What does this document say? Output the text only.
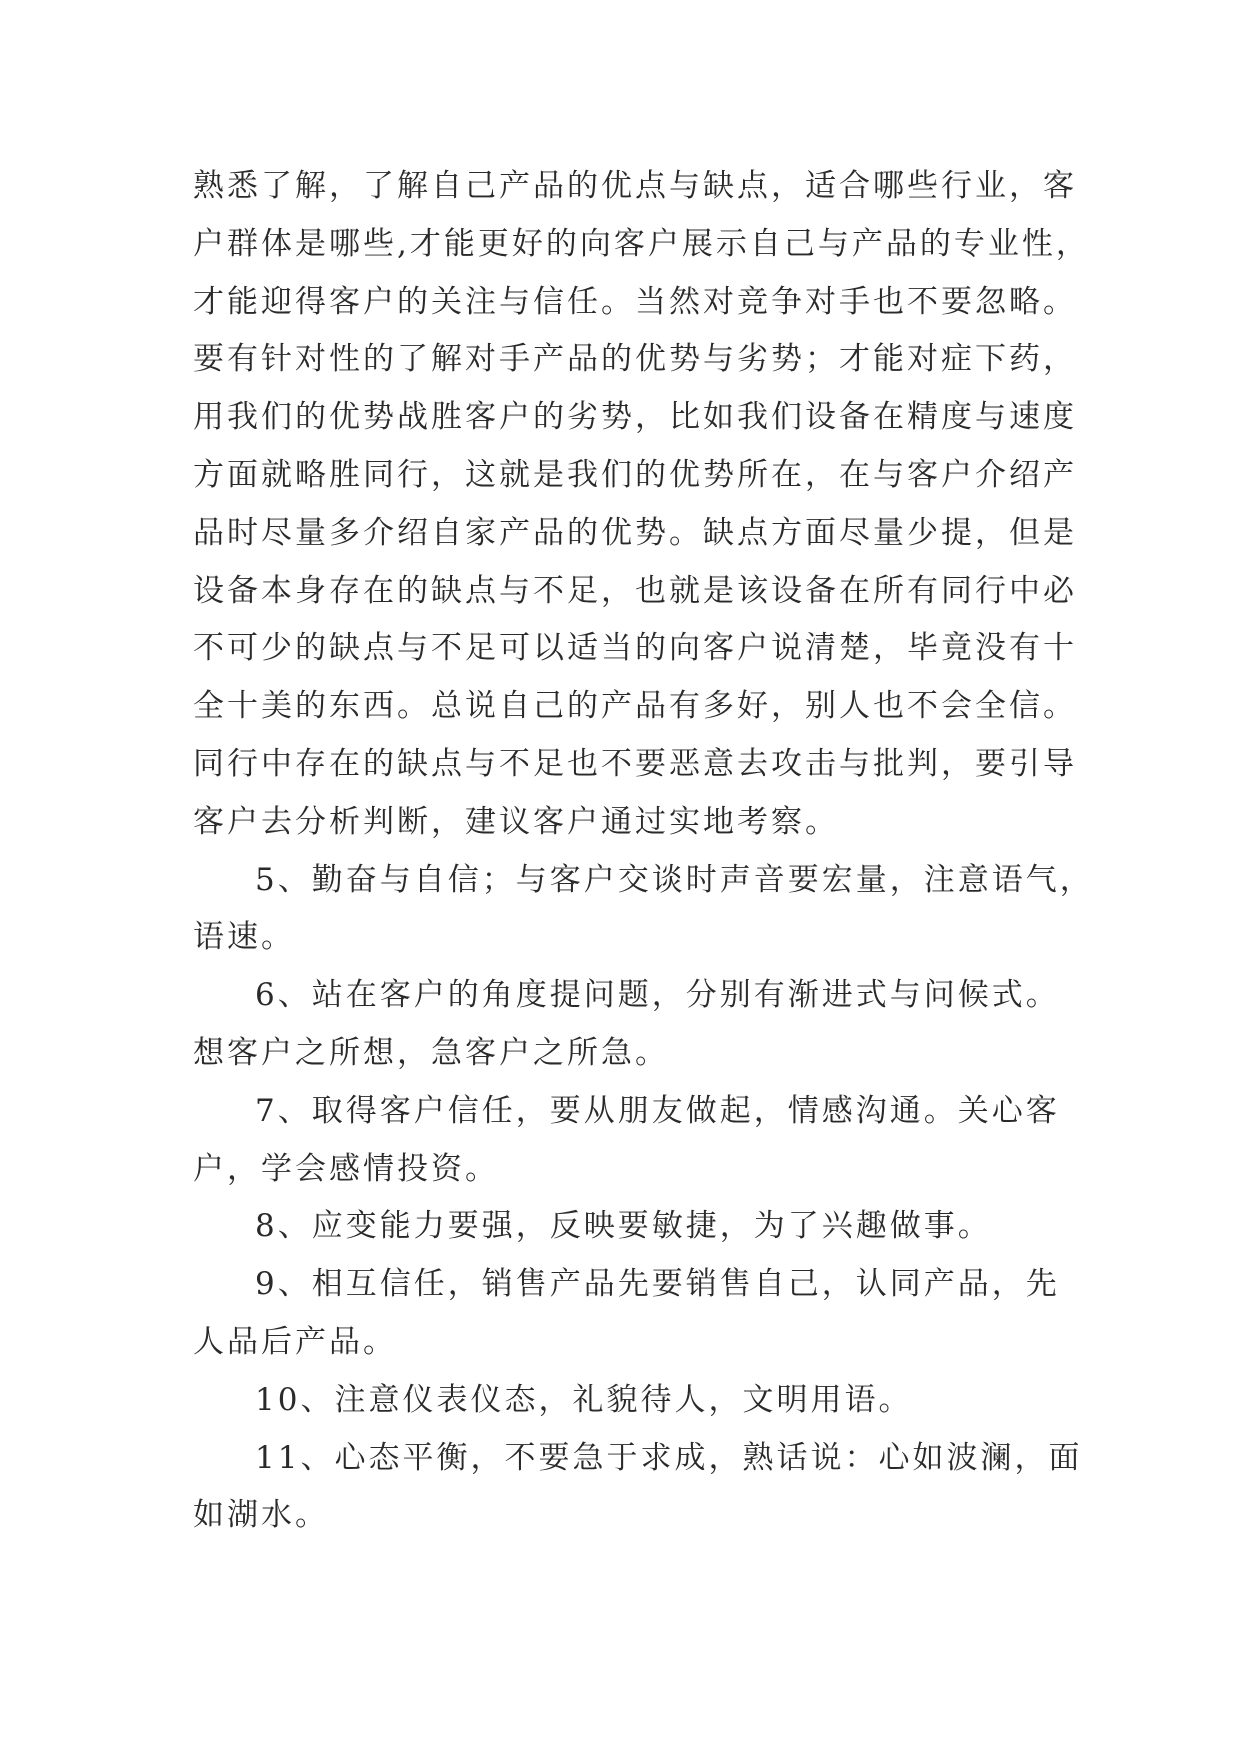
熟悉了解，了解自己产品的优点与缺点，适合哪些行业，客
户群体是哪些,才能更好的向客户展示自己与产品的专业性，
才能迎得客户的关注与信任。当然对竞争对手也不要忽略。
要有针对性的了解对手产品的优势与劣势；才能对症下药，
用我们的优势战胜客户的劣势，比如我们设备在精度与速度
方面就略胜同行，这就是我们的优势所在，在与客户介绍产
品时尽量多介绍自家产品的优势。缺点方面尽量少提，但是
设备本身存在的缺点与不足，也就是该设备在所有同行中必
不可少的缺点与不足可以适当的向客户说清楚，毕竟没有十
全十美的东西。总说自己的产品有多好，别人也不会全信。
同行中存在的缺点与不足也不要恶意去攻击与批判，要引导
客户去分析判断，建议客户通过实地考察。
5、勤奋与自信；与客户交谈时声音要宏量，注意语气，
语速。
6、站在客户的角度提问题，分别有渐进式与问候式。
想客户之所想，急客户之所急。
7、取得客户信任，要从朋友做起，情感沟通。关心客
户，学会感情投资。
8、应变能力要强，反映要敏捷，为了兴趣做事。
9、相互信任，销售产品先要销售自己，认同产品，先
人品后产品。
10、注意仪表仪态，礼貌待人，文明用语。
11、心态平衡，不要急于求成，熟话说：心如波澜，面
如湖水。
